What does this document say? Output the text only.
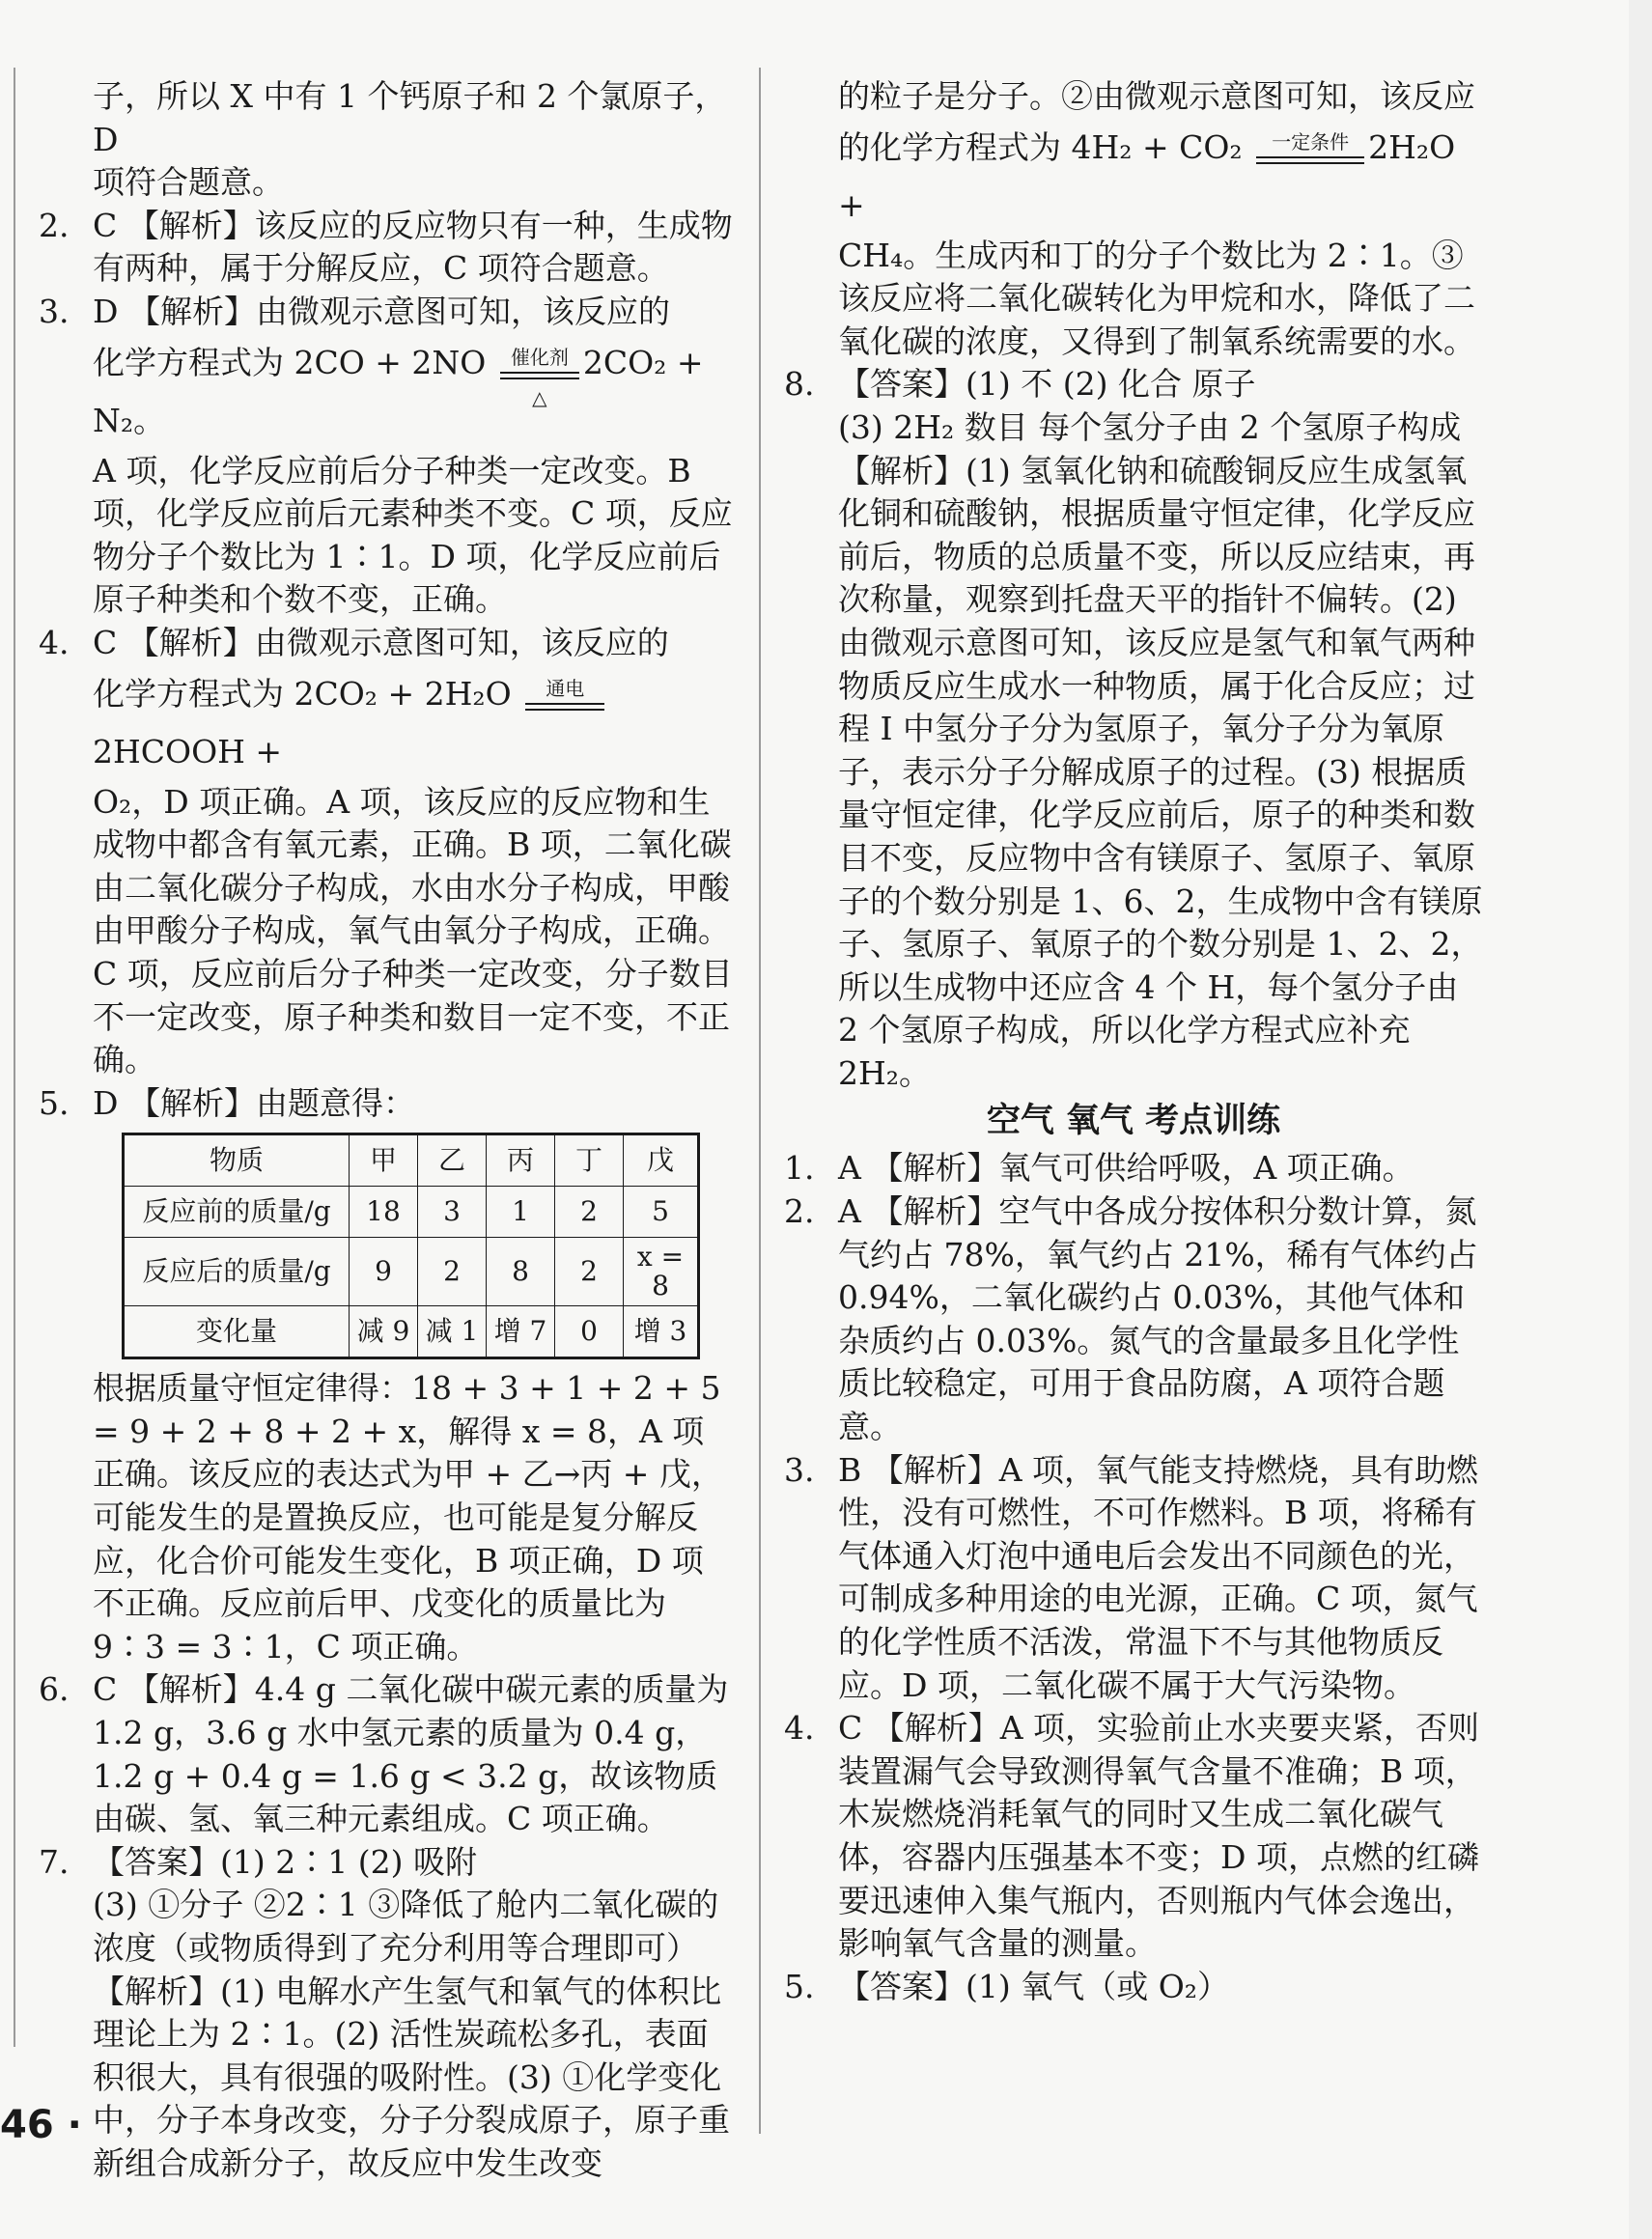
子，所以 X 中有 1 个钙原子和 2 个氯原子，D
项符合题意。

2. C 【解析】该反应的反应物只有一种，生成物有两种，属于分解反应，C 项符合题意。

3. D 【解析】由微观示意图可知，该反应的
化学方程式为 2CO + 2NO	催化剂
△
2CO₂ + N₂。
A 项，化学反应前后分子种类一定改变。B 项，化学反应前后元素种类不变。C 项，反应物分子个数比为 1∶1。D 项，化学反应前后原子种类和个数不变，正确。
4. C 【解析】由微观示意图可知，该反应的
化学方程式为 2CO₂ + 2H₂O	通电
2HCOOH +
O₂，D 项正确。A 项，该反应的反应物和生成物中都含有氧元素，正确。B 项，二氧化碳由二氧化碳分子构成，水由水分子构成，甲酸由甲酸分子构成，氧气由氧分子构成，正确。C 项，反应前后分子种类一定改变，分子数目不一定改变，原子种类和数目一定不变，不正确。
5. D 【解析】由题意得：
物质	甲	乙	丙	丁	戊
反应前的质量/g	18	3	1	2	5
反应后的质量/g	9	2	8	2	x = 8
变化量	减 9	减 1	增 7	0	增 3

根据质量守恒定律得：18 + 3 + 1 + 2 + 5 = 9 + 2 + 8 + 2 + x，解得 x = 8，A 项正确。该反应的表达式为甲 + 乙→丙 + 戊，可能发生的是置换反应，也可能是复分解反应，化合价可能发生变化，B 项正确，D 项不正确。反应前后甲、戊变化的质量比为 9∶3 = 3∶1，C 项正确。

6. C 【解析】4.4 g 二氧化碳中碳元素的质量为 1.2 g，3.6 g 水中氢元素的质量为 0.4 g，1.2 g + 0.4 g = 1.6 g < 3.2 g，故该物质由碳、氢、氧三种元素组成。C 项正确。

7. 【答案】(1) 2∶1 (2) 吸附
(3) ①分子 ②2∶1 ③降低了舱内二氧化碳的浓度（或物质得到了充分利用等合理即可）
【解析】(1) 电解水产生氢气和氧气的体积比理论上为 2∶1。(2) 活性炭疏松多孔，表面积很大，具有很强的吸附性。(3) ①化学变化中，分子本身改变，分子分裂成原子，原子重新组合成新分子，故反应中发生改变

的粒子是分子。②由微观示意图可知，该反应

的化学方程式为 4H₂ + CO₂	一定条件 2H₂O +

CH₄。生成丙和丁的分子个数比为 2∶1。③该反应将二氧化碳转化为甲烷和水，降低了二氧化碳的浓度，又得到了制氧系统需要的水。

8. 【答案】(1) 不 (2) 化合 原子
(3) 2H₂ 数目 每个氢分子由 2 个氢原子构成
【解析】(1) 氢氧化钠和硫酸铜反应生成氢氧化铜和硫酸钠，根据质量守恒定律，化学反应前后，物质的总质量不变，所以反应结束，再次称量，观察到托盘天平的指针不偏转。(2) 由微观示意图可知，该反应是氢气和氧气两种物质反应生成水一种物质，属于化合反应；过程 Ⅰ 中氢分子分为氢原子，氧分子分为氧原子，表示分子分解成原子的过程。(3) 根据质量守恒定律，化学反应前后，原子的种类和数目不变，反应物中含有镁原子、氢原子、氧原子的个数分别是 1、6、2，生成物中含有镁原子、氢原子、氧原子的个数分别是 1、2、2，所以生成物中还应含 4 个 H，每个氢分子由 2 个氢原子构成，所以化学方程式应补充 2H₂。
空气 氧气 考点训练

1. A 【解析】氧气可供给呼吸，A 项正确。

2. A 【解析】空气中各成分按体积分数计算，氮气约占 78%，氧气约占 21%，稀有气体约占 0.94%，二氧化碳约占 0.03%，其他气体和杂质约占 0.03%。氮气的含量最多且化学性质比较稳定，可用于食品防腐，A 项符合题意。

3. B 【解析】A 项，氧气能支持燃烧，具有助燃性，没有可燃性，不可作燃料。B 项，将稀有气体通入灯泡中通电后会发出不同颜色的光，可制成多种用途的电光源，正确。C 项，氮气的化学性质不活泼，常温下不与其他物质反应。D 项，二氧化碳不属于大气污染物。

4. C 【解析】A 项，实验前止水夹要夹紧，否则装置漏气会导致测得氧气含量不准确；B 项，木炭燃烧消耗氧气的同时又生成二氧化碳气体，容器内压强基本不变；D 项，点燃的红磷要迅速伸入集气瓶内，否则瓶内气体会逸出，影响氧气含量的测量。

5. 【答案】(1) 氧气（或 O₂）

46 ·
